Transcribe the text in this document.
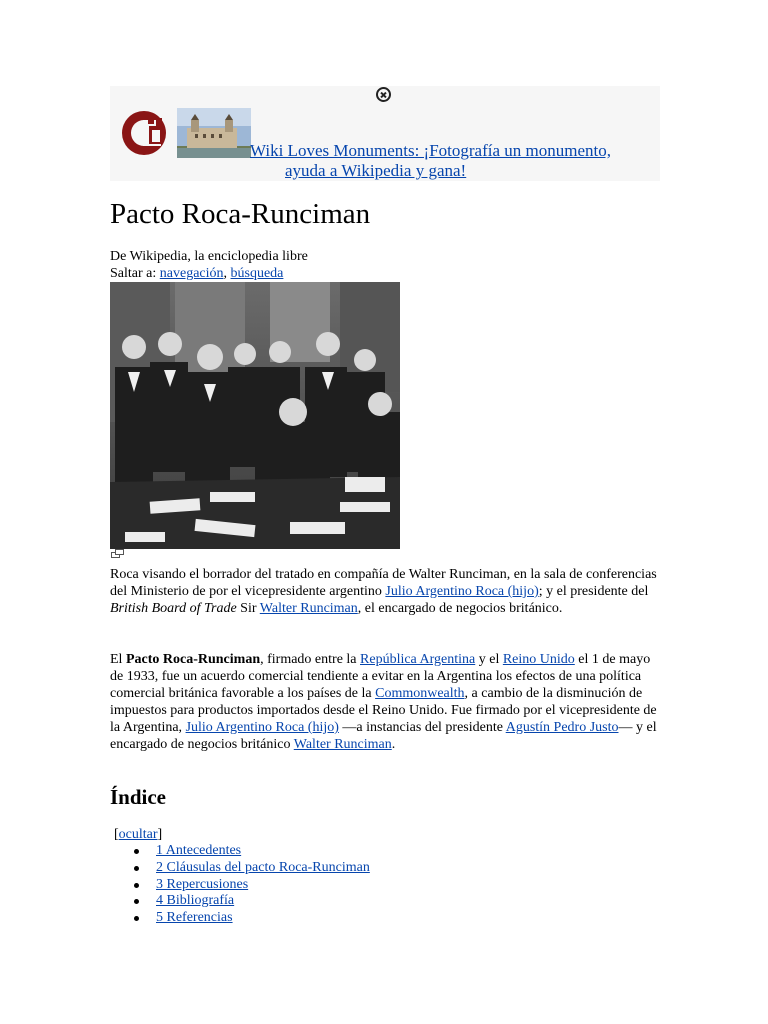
Wiki Loves Monuments: ¡Fotografía un monumento,
ayuda a Wikipedia y gana!
Pacto Roca-Runciman
De Wikipedia, la enciclopedia libre
Saltar a: navegación, búsqueda
Roca visando el borrador del tratado en compañía de Walter Runciman, en la sala de conferencias del Ministerio de por el vicepresidente argentino Julio Argentino Roca (hijo); y el presidente del British Board of Trade Sir Walter Runciman, el encargado de negocios británico.
El Pacto Roca-Runciman, firmado entre la República Argentina y el Reino Unido el 1 de mayo de 1933, fue un acuerdo comercial tendiente a evitar en la Argentina los efectos de una política comercial británica favorable a los países de la Commonwealth, a cambio de la disminución de impuestos para productos importados desde el Reino Unido. Fue firmado por el vicepresidente de la Argentina, Julio Argentino Roca (hijo) —a instancias del presidente Agustín Pedro Justo— y el encargado de negocios británico Walter Runciman.
Índice
[ocultar]
1 Antecedentes
2 Cláusulas del pacto Roca-Runciman
3 Repercusiones
4 Bibliografía
5 Referencias
